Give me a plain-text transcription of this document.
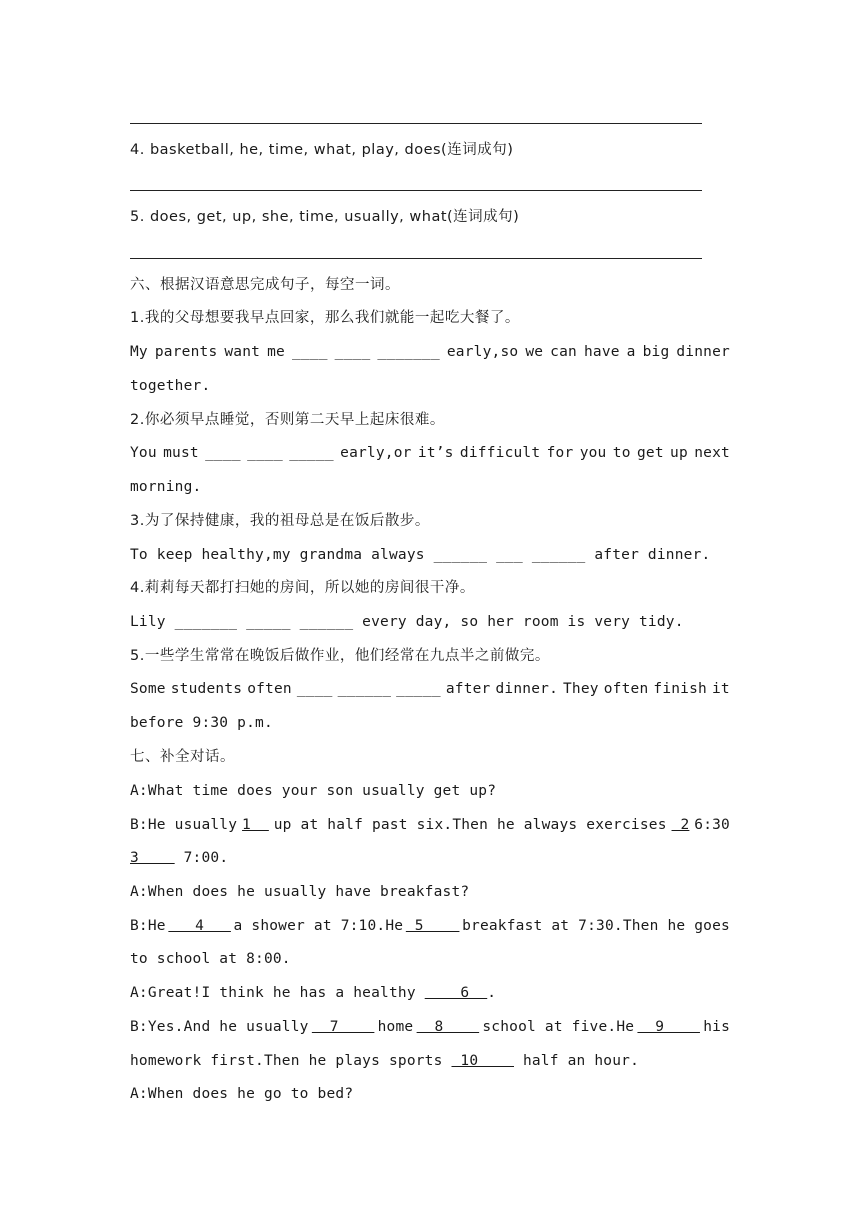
4. basketball, he, time, what, play, does(连词成句)
5. does, get, up, she, time, usually, what(连词成句)
六、根据汉语意思完成句子，每空一词。
1.我的父母想要我早点回家，那么我们就能一起吃大餐了。
My parents want me ____ ____ _______ early,so we can have a big dinner
together.
2.你必须早点睡觉，否则第二天早上起床很难。
You must ____ ____ _____ early,or it’s difficult for you to get up next
morning.
3.为了保持健康，我的祖母总是在饭后散步。
To keep healthy,my grandma always ______ ___ ______ after dinner.
4.莉莉每天都打扫她的房间，所以她的房间很干净。
Lily _______ _____ ______ every day, so her room is very tidy.
5.一些学生常常在晚饭后做作业，他们经常在九点半之前做完。
Some students often ____ ______ _____ after dinner. They often finish it
before 9:30 p.m.
七、补全对话。
A:What time does your son usually get up?
B:He usually 1 up at half past six.Then he always exercises 2 6:30
3     7:00.
A:When does he usually have breakfast?
B:He 4 a shower at 7:10.He 5 breakfast at 7:30.Then he goes
to school at 8:00.
A:Great!I think he has a healthy     6  .
B:Yes.And he usually 7 home 8 school at five.He 9 his
homework first.Then he plays sports  10     half an hour.
A:When does he go to bed?
